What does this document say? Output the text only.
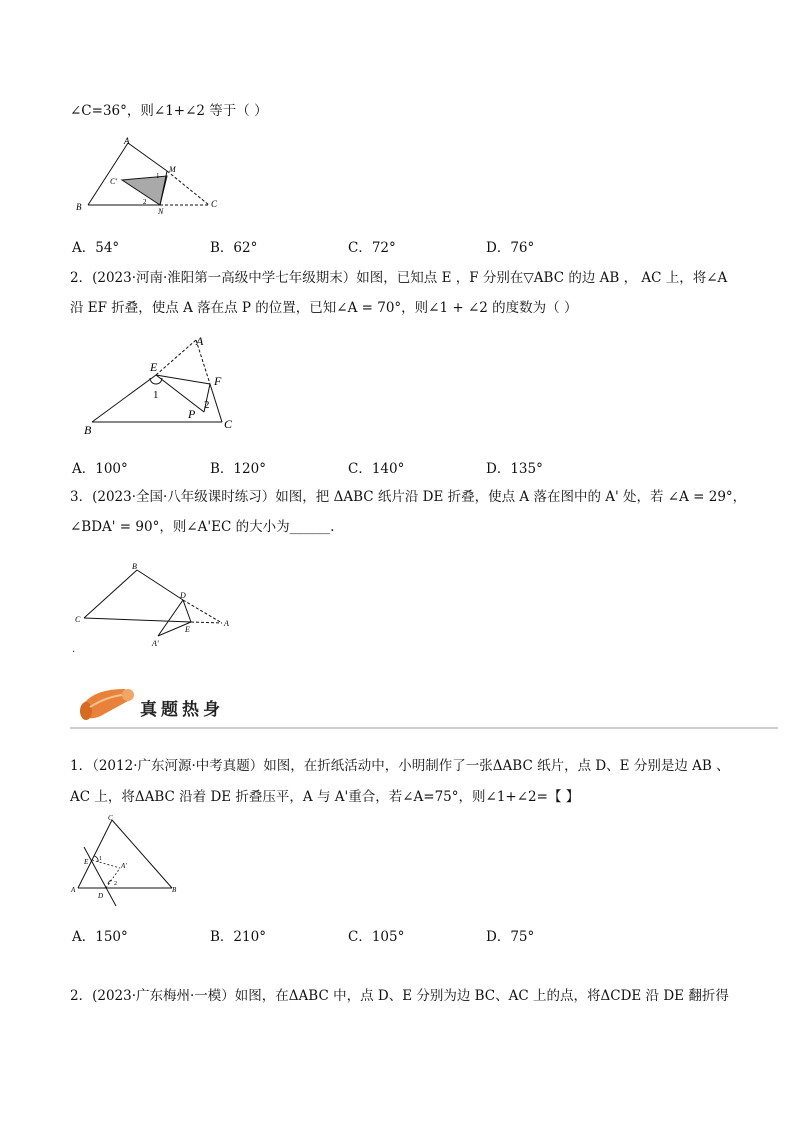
∠C=36°，则∠1+∠2 等于（ ）
A
B	C
M
N
C'
1
2
A．54°	B．62°	C．72°	D．76°
2．(2023·河南·淮阳第一高级中学七年级期末）如图，已知点 E ，F 分别在▽ABC 的边 AB ， AC 上，将∠A
沿 EF 折叠，使点 A 落在点 P 的位置，已知∠A = 70°，则∠1 + ∠2 的度数为（ ）
A
B	C
E
F
P
1
2
A．100°	B．120°	C．140°	D．135°
3．(2023·全国·八年级课时练习）如图，把 ΔABC 纸片沿 DE 折叠，使点 A 落在图中的 A' 处，若 ∠A = 29°，
∠BDA' = 90°，则∠A'EC 的大小为______.
B
C	A
D
E
A'
.
真题热身
1．（2012·广东河源·中考真题）如图，在折纸活动中，小明制作了一张ΔABC 纸片，点 D、E 分别是边 AB 、
AC 上，将ΔABC 沿着 DE 折叠压平，A 与 A'重合，若∠A=75°，则∠1+∠2=【 】
C
A	B
E
D
A'
1
2
A．150°	B．210°	C．105°	D．75°
2．(2023·广东梅州·一模）如图，在ΔABC 中，点 D、E 分别为边 BC、AC 上的点，将ΔCDE 沿 DE 翻折得
